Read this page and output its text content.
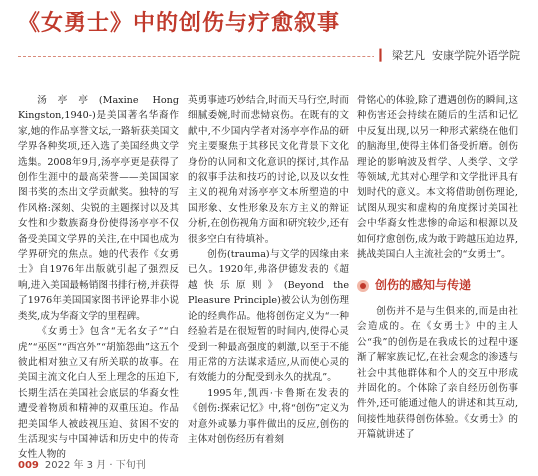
《女勇士》中的创伤与疗愈叙事
▎ 梁艺凡 安康学院外语学院

汤亭亭(Maxine Hong Kingston,1940-)是美国著名华裔作家,她的作品享誉文坛,一路斩获美国文学界各种奖项,还入选了美国经典文学选集。2008年9月,汤亭亭更是获得了创作生涯中的最高荣誉——美国国家图书奖的杰出文学贡献奖。独特的写作风格:深刻、尖锐的主题探讨以及其女性和少数族裔身份使得汤亭亭不仅备受美国文学界的关注,在中国也成为学界研究的焦点。她的代表作《女勇士》自1976年出版就引起了强烈反响,进入美国最畅销图书排行榜,并获得了1976年美国国家图书评论界非小说类奖,成为华裔文学的里程碑。

《女勇士》包含“无名女子”“白虎”“巫医”“西宫外”“胡笳怨曲”这五个彼此相对独立又有所关联的故事。在美国主流文化白人至上理念的压迫下,长期生活在美国社会底层的华裔女性遭受着物质和精神的双重压迫。作品把美国华人被歧视压迫、贫困不安的生活现实与中国神话和历史中的传奇女性人物的

英勇事迹巧妙结合,时而天马行空,时而细腻委婉,时而悲恸哀伤。在既有的文献中,不少国内学者对汤亭亭作品的研究主要聚焦于其移民文化背景下文化身份的认同和文化意识的探讨,其作品的叙事手法和技巧的讨论,以及以女性主义的视角对汤亭亭文本所塑造的中国形象、女性形象及东方主义的辩证分析,在创伤视角方面和研究较少,还有很多空白有待填补。

创伤(trauma)与文学的因缘由来已久。1920年,弗洛伊德发表的《超越快乐原则》(Beyond the Pleasure Principle)被公认为创伤理论的经典作品。他将创伤定义为“一种经验若是在很短暂的时间内,使得心灵受到一种最高强度的刺激,以至于不能用正常的方法谋求适应,从而使心灵的有效能力的分配受到永久的扰乱”。

1995年,凯西·卡鲁斯在发表的《创伤:探索记忆》中,将“创伤”定义为对意外或暴力事件做出的反应,创伤的主体对创伤经历有着刻

骨铭心的体验,除了遭遇创伤的瞬间,这种伤害还会持续在随后的生活和记忆中反复出现,以另一种形式萦绕在他们的脑海里,使得主体们备受折磨。创伤理论的影响波及哲学、人类学、文学等领域,尤其对心理学和文学批评具有划时代的意义。本文将借助创伤理论,试图从现实和虚构的角度探讨美国社会中华裔女性悲惨的命运和根源以及如何疗愈创伤,成为敢于跨越压迫边界,挑战美国白人主流社会的“女勇士”。

创伤的感知与传递

创伤并不是与生俱来的,而是由社会造成的。在《女勇士》中的主人公“我”的创伤是在我成长的过程中逐渐了解家族记忆,在社会观念的渗透与社会中其他群体和个人的交互中形成并固化的。个体除了亲自经历创伤事件外,还可能通过他人的讲述和其互动,间接性地获得创伤体验。《女勇士》的开篇就讲述了

009 2022 年 3 月 · 下旬刊
